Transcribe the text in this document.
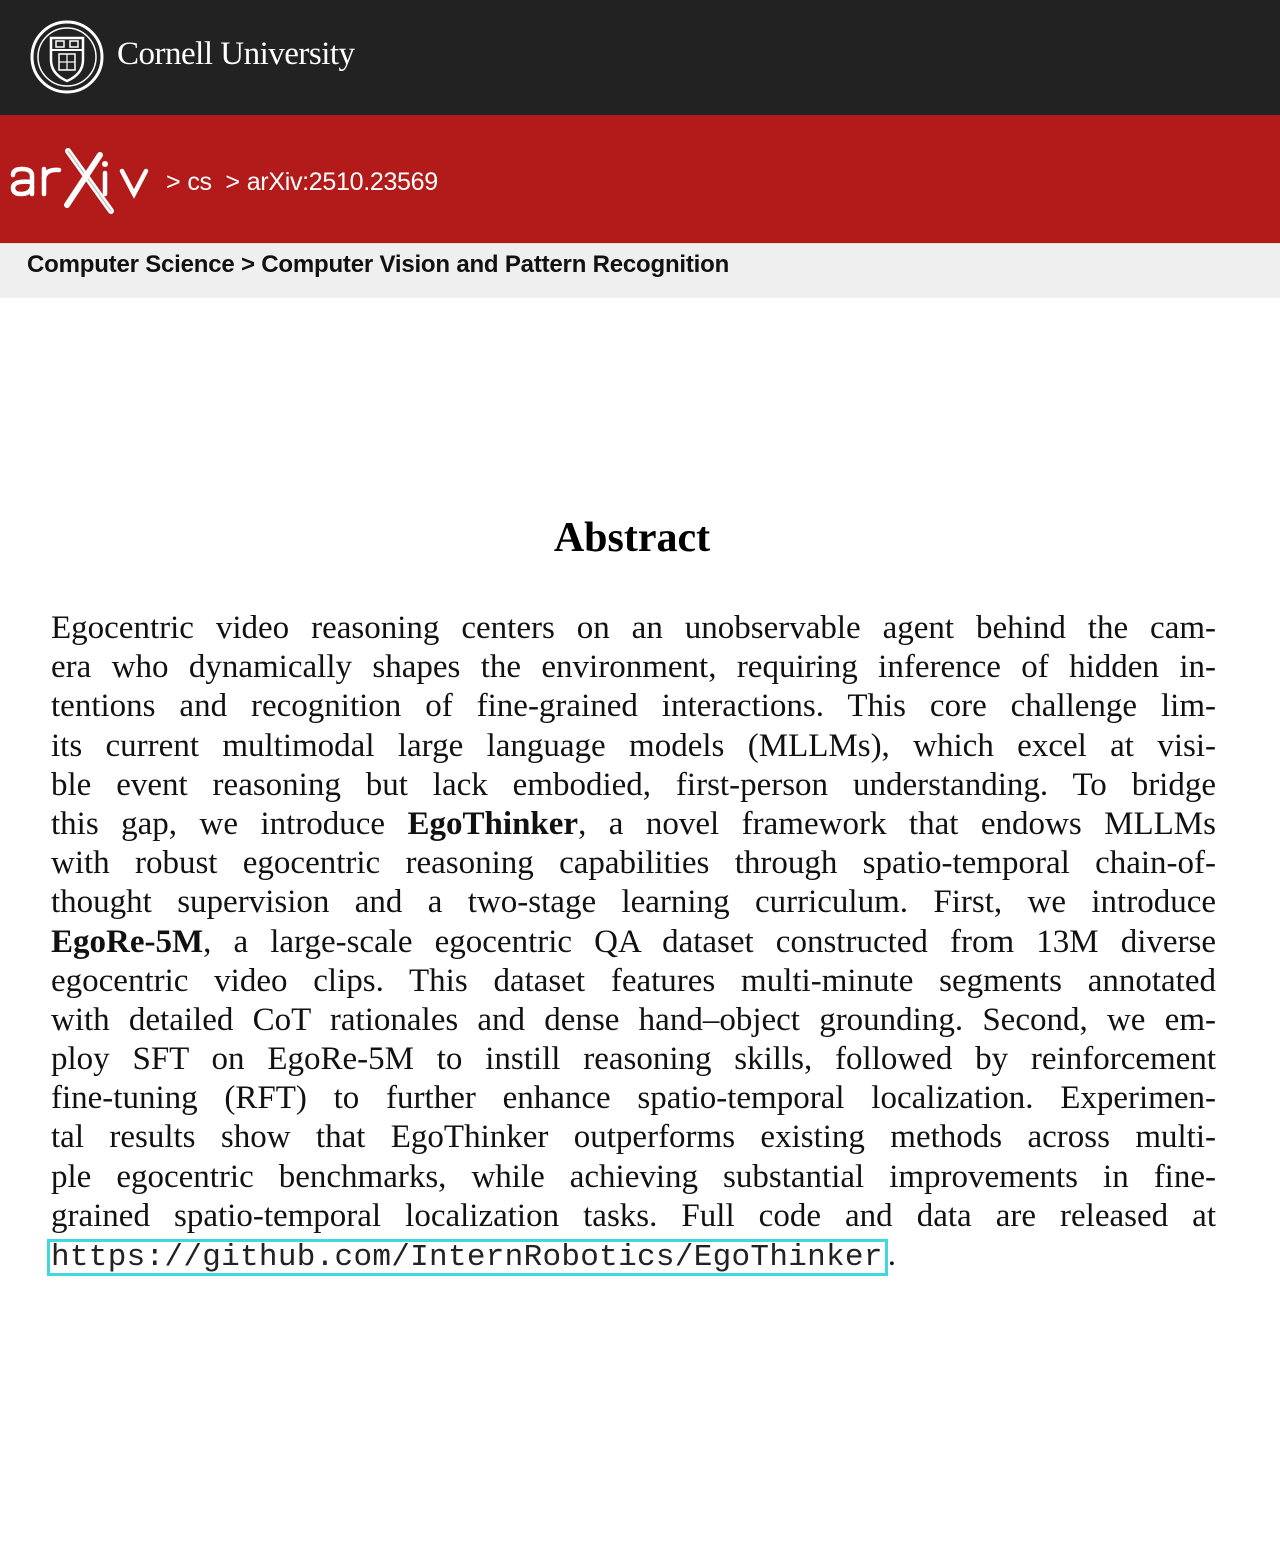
Cornell University
> cs > arXiv:2510.23569
Computer Science > Computer Vision and Pattern Recognition
Abstract
Egocentric video reasoning centers on an unobservable agent behind the cam-
era who dynamically shapes the environment, requiring inference of hidden in-
tentions and recognition of fine-grained interactions. This core challenge lim-
its current multimodal large language models (MLLMs), which excel at visi-
ble event reasoning but lack embodied, first-person understanding. To bridge
this gap, we introduce EgoThinker, a novel framework that endows MLLMs
with robust egocentric reasoning capabilities through spatio-temporal chain-of-
thought supervision and a two-stage learning curriculum. First, we introduce
EgoRe-5M, a large-scale egocentric QA dataset constructed from 13M diverse
egocentric video clips. This dataset features multi-minute segments annotated
with detailed CoT rationales and dense hand–object grounding. Second, we em-
ploy SFT on EgoRe-5M to instill reasoning skills, followed by reinforcement
fine-tuning (RFT) to further enhance spatio-temporal localization. Experimen-
tal results show that EgoThinker outperforms existing methods across multi-
ple egocentric benchmarks, while achieving substantial improvements in fine-
grained spatio-temporal localization tasks. Full code and data are released at
https://github.com/InternRobotics/EgoThinker .
